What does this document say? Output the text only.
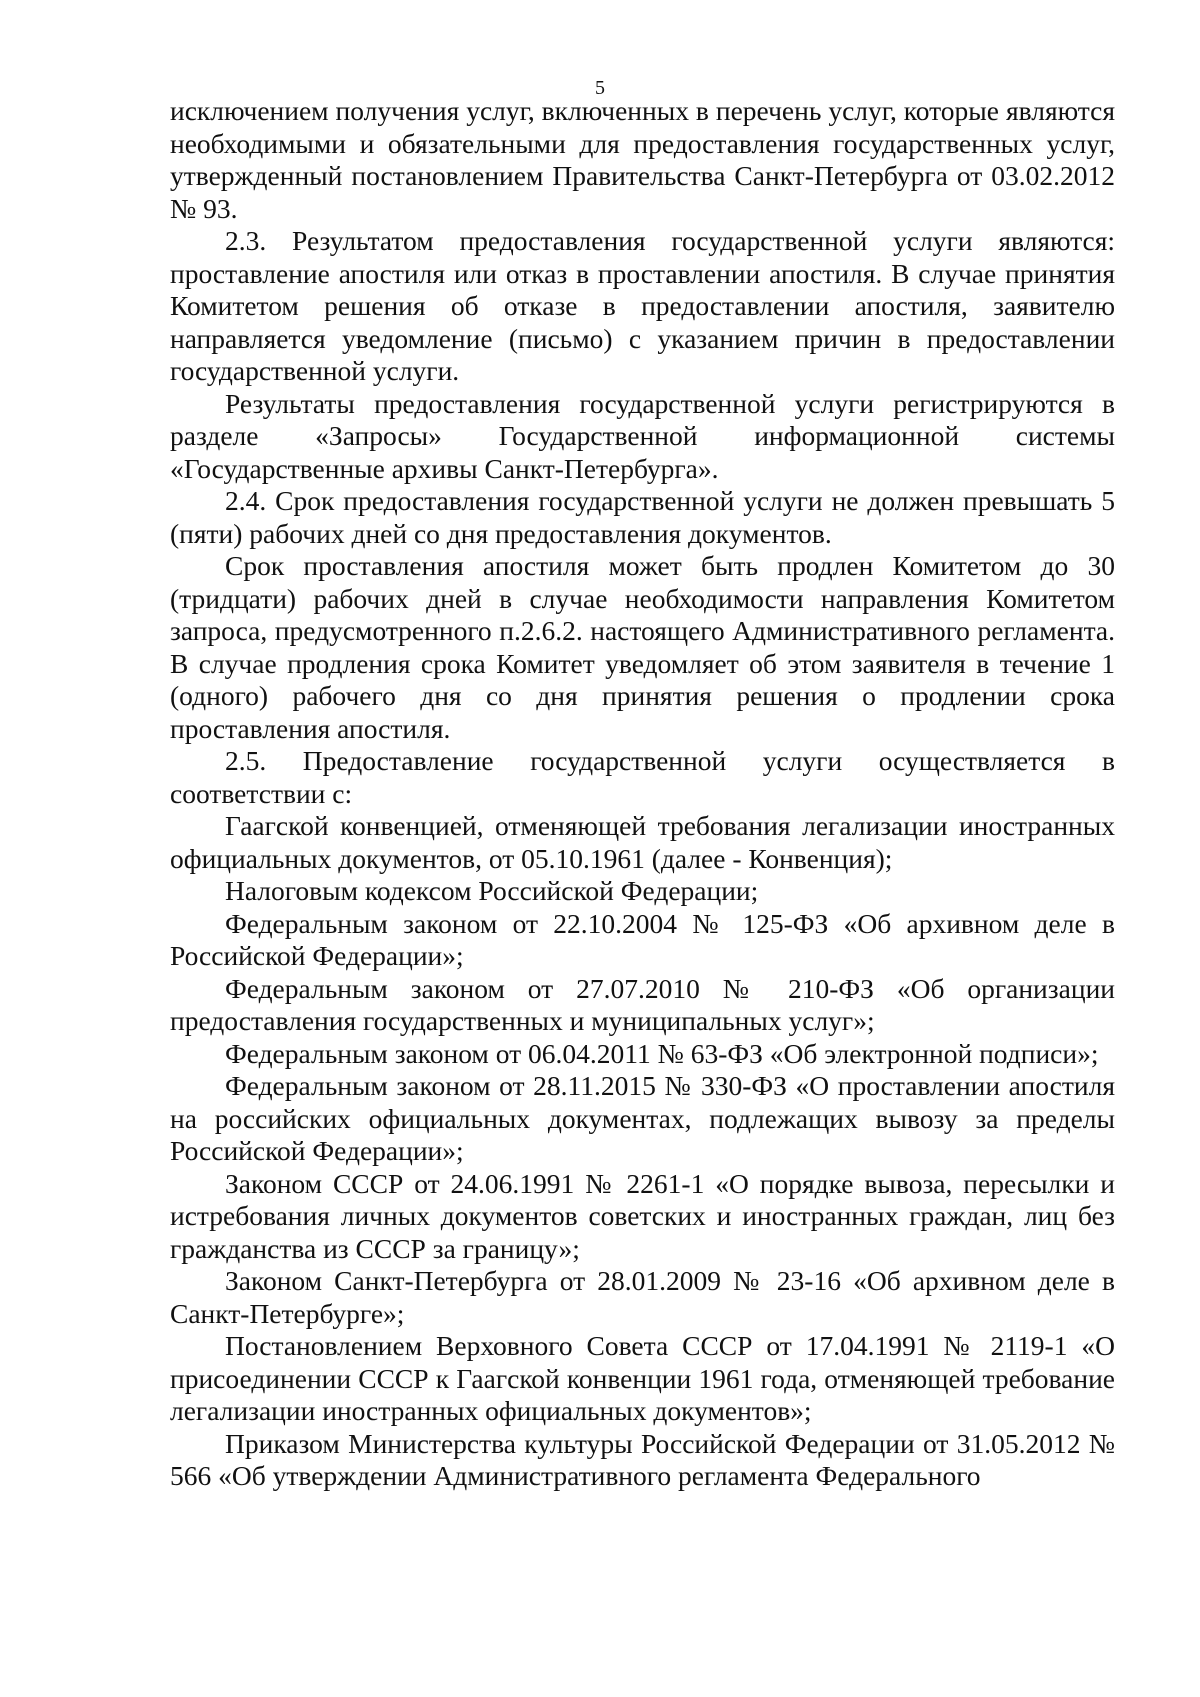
5

исключением получения услуг, включенных в перечень услуг, которые являются необходимыми и обязательными для предоставления государственных услуг, утвержденный постановлением Правительства Санкт-Петербурга от 03.02.2012 № 93.

2.3. Результатом предоставления государственной услуги являются: проставление апостиля или отказ в проставлении апостиля. В случае принятия Комитетом решения об отказе в предоставлении апостиля, заявителю направляется уведомление (письмо) с указанием причин в предоставлении государственной услуги.

Результаты предоставления государственной услуги регистрируются в разделе «Запросы» Государственной информационной системы «Государственные архивы Санкт-Петербурга».

2.4. Срок предоставления государственной услуги не должен превышать 5 (пяти) рабочих дней со дня предоставления документов.

Срок проставления апостиля может быть продлен Комитетом до 30 (тридцати) рабочих дней в случае необходимости направления Комитетом запроса, предусмотренного п.2.6.2. настоящего Административного регламента. В случае продления срока Комитет уведомляет об этом заявителя в течение 1 (одного) рабочего дня со дня принятия решения о продлении срока проставления апостиля.

2.5. Предоставление государственной услуги осуществляется в соответствии с:

Гаагской конвенцией, отменяющей требования легализации иностранных официальных документов, от 05.10.1961 (далее - Конвенция);

Налоговым кодексом Российской Федерации;

Федеральным законом от 22.10.2004 № 125-ФЗ «Об архивном деле в Российской Федерации»;

Федеральным законом от 27.07.2010 № 210-ФЗ «Об организации предоставления государственных и муниципальных услуг»;

Федеральным законом от 06.04.2011 № 63-ФЗ «Об электронной подписи»;

Федеральным законом от 28.11.2015 № 330-ФЗ «О проставлении апостиля на российских официальных документах, подлежащих вывозу за пределы Российской Федерации»;

Законом СССР от 24.06.1991 № 2261-1 «О порядке вывоза, пересылки и истребования личных документов советских и иностранных граждан, лиц без гражданства из СССР за границу»;

Законом Санкт-Петербурга от 28.01.2009 № 23-16 «Об архивном деле в Санкт-Петербурге»;

Постановлением Верховного Совета СССР от 17.04.1991 № 2119-1 «О присоединении СССР к Гаагской конвенции 1961 года, отменяющей требование легализации иностранных официальных документов»;

Приказом Министерства культуры Российской Федерации от 31.05.2012 № 566 «Об утверждении Административного регламента Федерального
